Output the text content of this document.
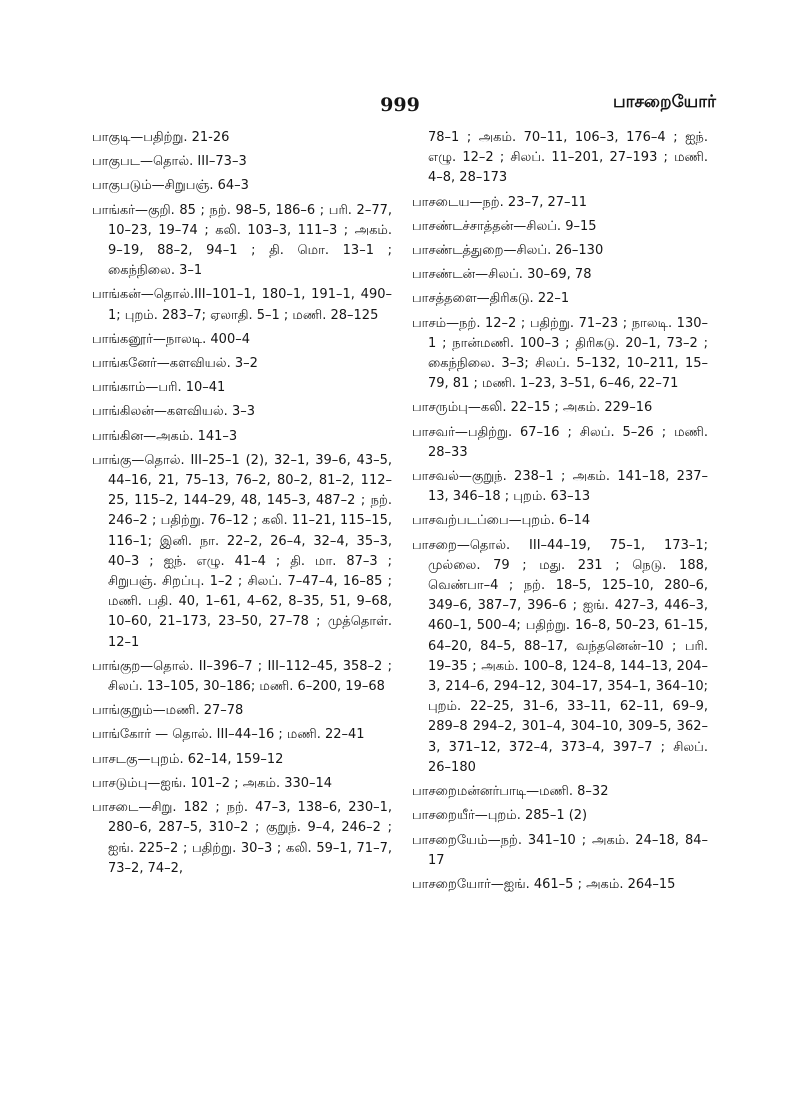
999	பாசறையோர்

பாகுடி—பதிற்று. 21-26

பாகுபட—தொல். III–73–3

பாகுபடும்—சிறுபஞ். 64–3

பாங்கர்—குறி. 85 ; நற். 98–5, 186–6 ; பரி. 2–77, 10–23, 19–74 ; கலி. 103–3, 111–3 ; அகம். 9–19, 88–2, 94–1 ; தி. மொ. 13–1 ; கைந்நிலை. 3–1

பாங்கன்—தொல்.III–101–1, 180–1, 191–1, 490–1; புறம். 283–7; ஏலாதி. 5–1 ; மணி. 28–125

பாங்கனூர்—நாலடி. 400–4

பாங்கனேர்—களவியல். 3–2

பாங்காம்—பரி. 10–41

பாங்கிலன்—களவியல். 3–3

பாங்கின—அகம். 141–3

பாங்கு—தொல். III–25–1 (2), 32–1, 39–6, 43–5, 44–16, 21, 75–13, 76–2, 80–2, 81–2, 112–25, 115–2, 144–29, 48, 145–3, 487–2 ; நற். 246–2 ; பதிற்று. 76–12 ; கலி. 11–21, 115–15, 116–1; இனி. நா. 22–2, 26–4, 32–4, 35–3, 40–3 ; ஐந். எழு. 41–4 ; தி. மா. 87–3 ; சிறுபஞ். சிறப்பு. 1–2 ; சிலப். 7–47–4, 16–85 ; மணி. பதி. 40, 1–61, 4–62, 8–35, 51, 9–68, 10–60, 21–173, 23–50, 27–78 ; முத்தொள். 12–1

பாங்குற—தொல். II–396–7 ; III–112–45, 358–2 ; சிலப். 13–105, 30–186; மணி. 6–200, 19–68

பாங்குறும்—மணி. 27–78

பாங்கோர் — தொல். III–44–16 ; மணி. 22–41

பாசடகு—புறம். 62–14, 159–12

பாசடும்பு—ஐங். 101–2 ; அகம். 330–14

பாசடை—சிறு. 182 ; நற். 47–3, 138–6, 230–1, 280–6, 287–5, 310–2 ; குறுந். 9–4, 246–2 ; ஐங். 225–2 ; பதிற்று. 30–3 ; கலி. 59–1, 71–7, 73–2, 74–2,

78–1 ; அகம். 70–11, 106–3, 176–4 ; ஐந். எழு. 12–2 ; சிலப். 11–201, 27–193 ; மணி. 4–8, 28–173

பாசடைய—நற். 23–7, 27–11

பாசண்டச்சாத்தன்—சிலப். 9–15

பாசண்டத்துறை—சிலப். 26–130

பாசண்டன்—சிலப். 30–69, 78

பாசத்தளை—திரிகடு. 22–1

பாசம்—நற். 12–2 ; பதிற்று. 71–23 ; நாலடி. 130–1 ; நான்மணி. 100–3 ; திரிகடு. 20–1, 73–2 ; கைந்நிலை. 3–3; சிலப். 5–132, 10–211, 15–79, 81 ; மணி. 1–23, 3–51, 6–46, 22–71

பாசரும்பு—கலி. 22–15 ; அகம். 229–16

பாசவர்—பதிற்று. 67–16 ; சிலப். 5–26 ; மணி. 28–33

பாசவல்—குறுந். 238–1 ; அகம். 141–18, 237–13, 346–18 ; புறம். 63–13

பாசவற்படப்பை—புறம். 6–14

பாசறை—தொல். III–44–19, 75–1, 173–1; முல்லை. 79 ; மது. 231 ; நெடு. 188, வெண்பா–4 ; நற். 18–5, 125–10, 280–6, 349–6, 387–7, 396–6 ; ஐங். 427–3, 446–3, 460–1, 500–4; பதிற்று. 16–8, 50–23, 61–15, 64–20, 84–5, 88–17, வந்தனென்–10 ; பரி. 19–35 ; அகம். 100–8, 124–8, 144–13, 204–3, 214–6, 294–12, 304–17, 354–1, 364–10; புறம். 22–25, 31–6, 33–11, 62–11, 69–9, 289–8 294–2, 301–4, 304–10, 309–5, 362–3, 371–12, 372–4, 373–4, 397–7 ; சிலப். 26–180

பாசறைமன்னர்பாடி—மணி. 8–32

பாசறையீர்—புறம். 285–1 (2)

பாசறையேம்—நற். 341–10 ; அகம். 24–18, 84–17

பாசறையோர்—ஐங். 461–5 ; அகம். 264–15
